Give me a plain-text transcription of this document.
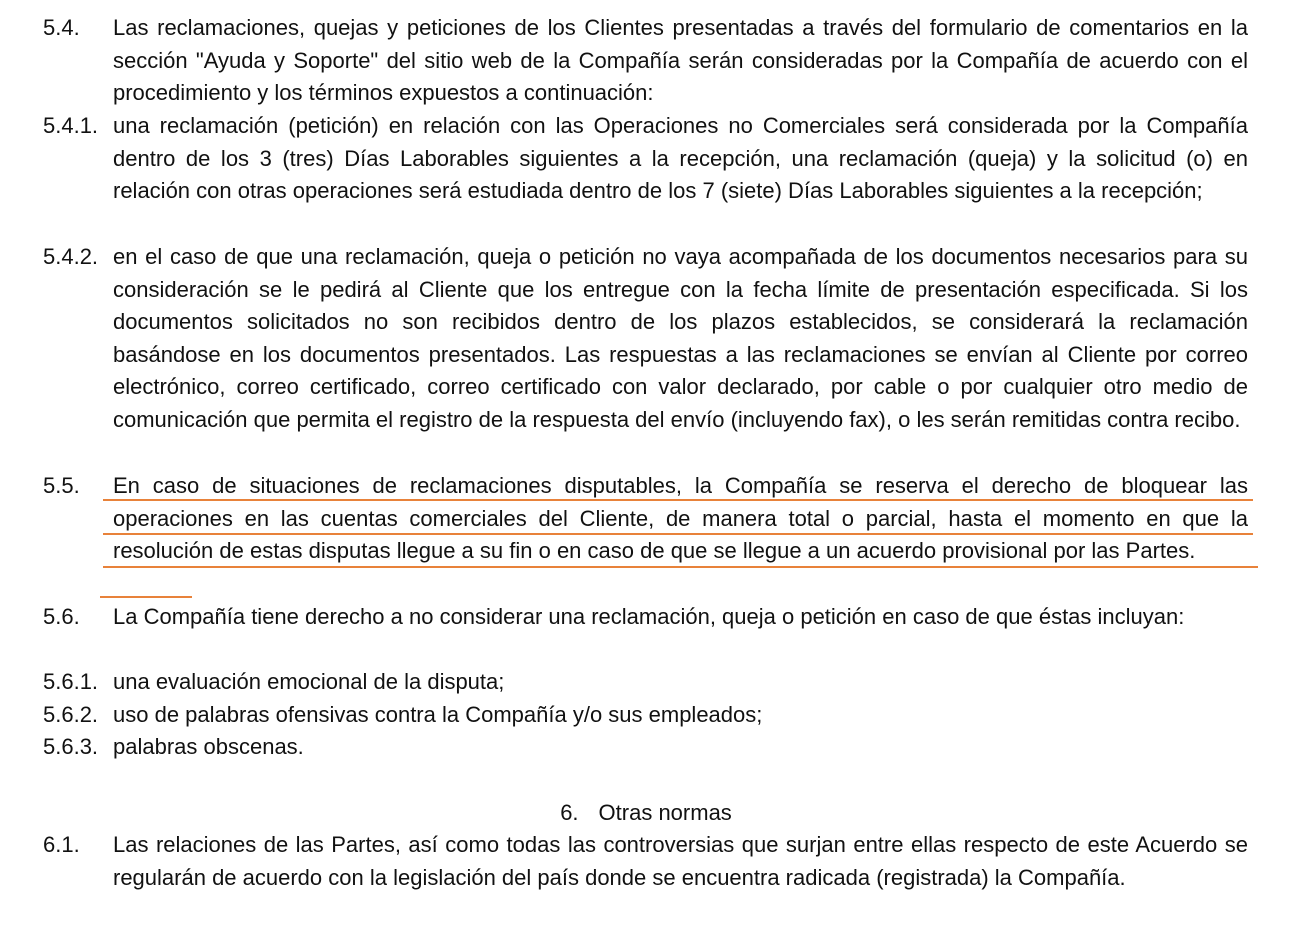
5.4. Las reclamaciones, quejas y peticiones de los Clientes presentadas a través del formulario de comentarios en la sección "Ayuda y Soporte" del sitio web de la Compañía serán consideradas por la Compañía de acuerdo con el procedimiento y los términos expuestos a continuación:
5.4.1. una reclamación (petición) en relación con las Operaciones no Comerciales será considerada por la Compañía dentro de los 3 (tres) Días Laborables siguientes a la recepción, una reclamación (queja) y la solicitud (o) en relación con otras operaciones será estudiada dentro de los 7 (siete) Días Laborables siguientes a la recepción;
5.4.2. en el caso de que una reclamación, queja o petición no vaya acompañada de los documentos necesarios para su consideración se le pedirá al Cliente que los entregue con la fecha límite de presentación especificada. Si los documentos solicitados no son recibidos dentro de los plazos establecidos, se considerará la reclamación basándose en los documentos presentados. Las respuestas a las reclamaciones se envían al Cliente por correo electrónico, correo certificado, correo certificado con valor declarado, por cable o por cualquier otro medio de comunicación que permita el registro de la respuesta del envío (incluyendo fax), o les serán remitidas contra recibo.
5.5. En caso de situaciones de reclamaciones disputables, la Compañía se reserva el derecho de bloquear las operaciones en las cuentas comerciales del Cliente, de manera total o parcial, hasta el momento en que la resolución de estas disputas llegue a su fin o en caso de que se llegue a un acuerdo provisional por las Partes.
5.6. La Compañía tiene derecho a no considerar una reclamación, queja o petición en caso de que éstas incluyan:
5.6.1. una evaluación emocional de la disputa;
5.6.2. uso de palabras ofensivas contra la Compañía y/o sus empleados;
5.6.3. palabras obscenas.
6. Otras normas
6.1. Las relaciones de las Partes, así como todas las controversias que surjan entre ellas respecto de este Acuerdo se regularán de acuerdo con la legislación del país donde se encuentra radicada (registrada) la Compañía.
